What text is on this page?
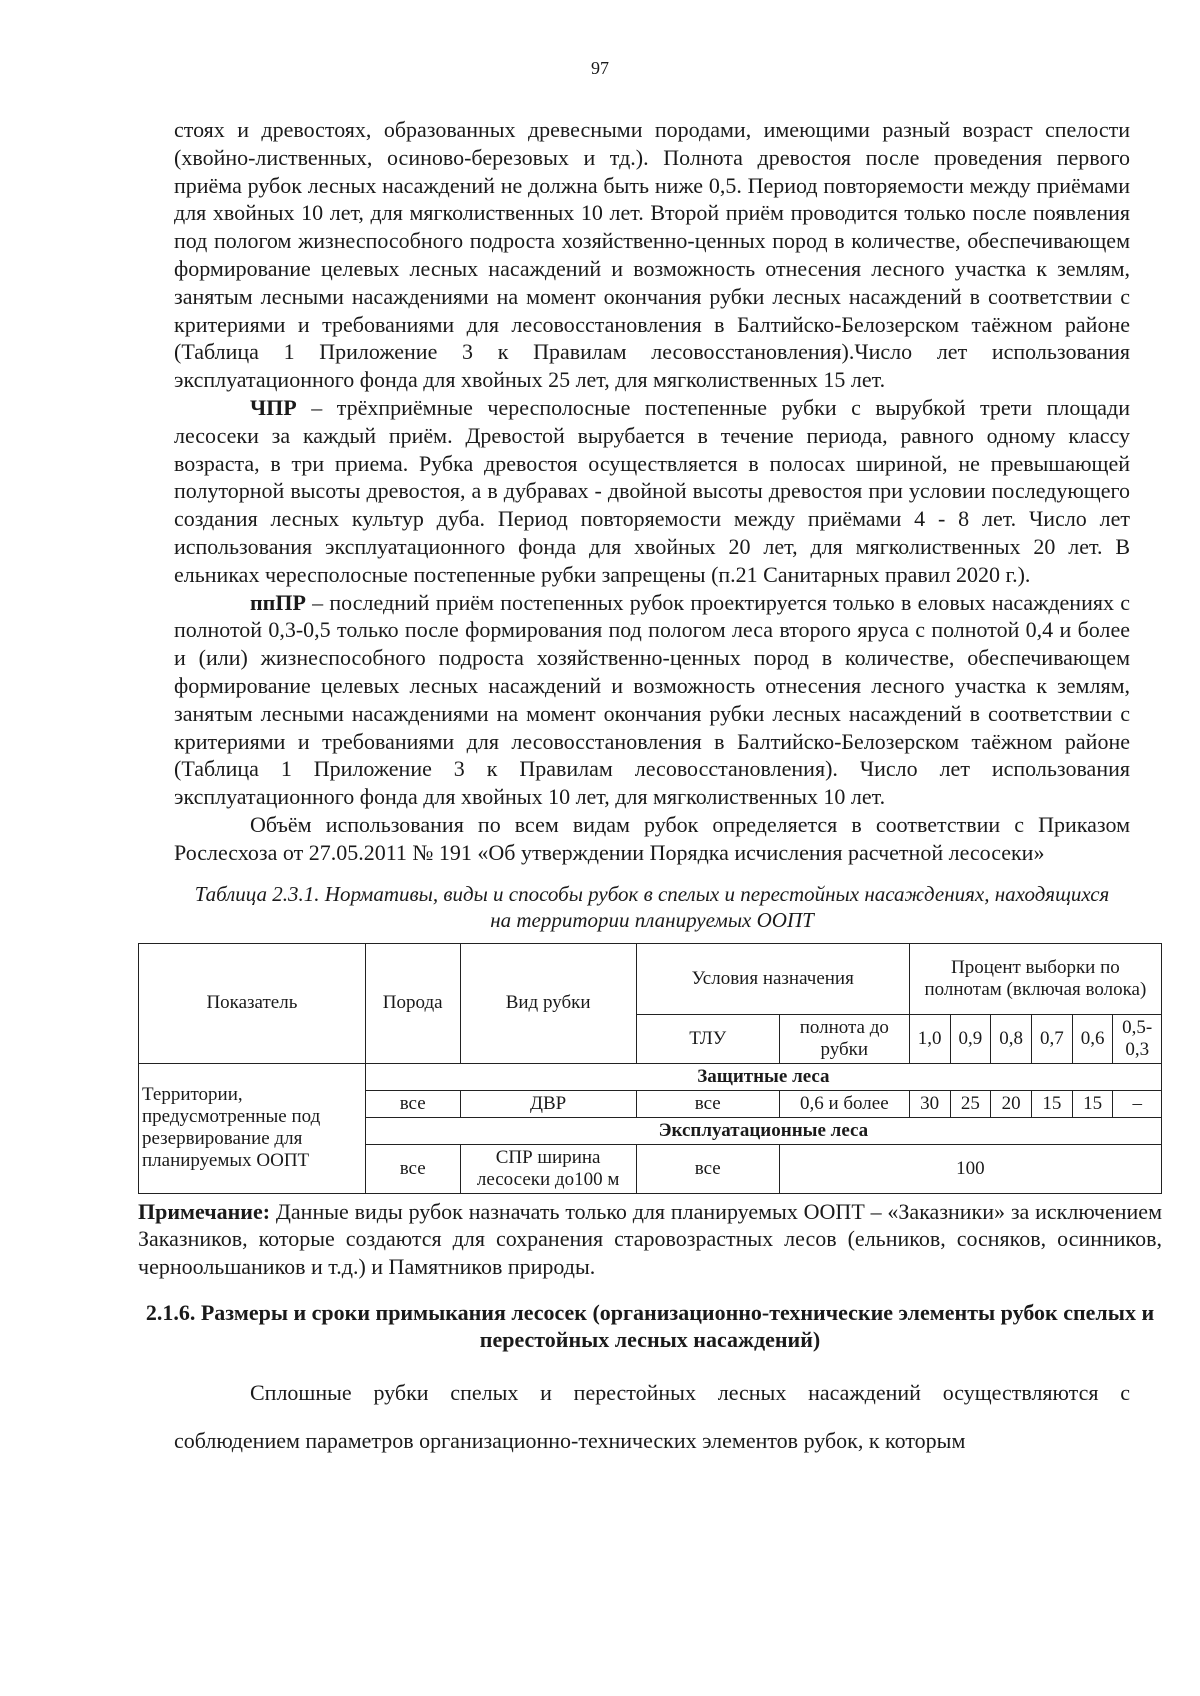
97

стоях и древостоях, образованных древесными породами, имеющими разный возраст спелости (хвойно-лиственных, осиново-березовых и тд.). Полнота древостоя после проведения первого приёма рубок лесных насаждений не должна быть ниже 0,5. Период повторяемости между приёмами для хвойных 10 лет, для мягколиственных 10 лет. Второй приём проводится только после появления под пологом жизнеспособного подроста хозяйственно-ценных пород в количестве, обеспечивающем формирование целевых лесных насаждений и возможность отнесения лесного участка к землям, занятым лесными насаждениями на момент окончания рубки лесных насаждений в соответствии с критериями и требованиями для лесовосстановления в Балтийско-Белозерском таёжном районе (Таблица 1 Приложение 3 к Правилам лесовосстановления).Число лет использования эксплуатационного фонда для хвойных 25 лет, для мягколиственных 15 лет.

ЧПР – трёхприёмные чересполосные постепенные рубки с вырубкой трети площади лесосеки за каждый приём. Древостой вырубается в течение периода, равного одному классу возраста, в три приема. Рубка древостоя осуществляется в полосах шириной, не превышающей полуторной высоты древостоя, а в дубравах - двойной высоты древостоя при условии последующего создания лесных культур дуба. Период повторяемости между приёмами 4 - 8 лет. Число лет использования эксплуатационного фонда для хвойных 20 лет, для мягколиственных 20 лет. В ельниках чересполосные постепенные рубки запрещены (п.21 Санитарных правил 2020 г.).

ппПР – последний приём постепенных рубок проектируется только в еловых насаждениях с полнотой 0,3-0,5 только после формирования под пологом леса второго яруса с полнотой 0,4 и более и (или) жизнеспособного подроста хозяйственно-ценных пород в количестве, обеспечивающем формирование целевых лесных насаждений и возможность отнесения лесного участка к землям, занятым лесными насаждениями на момент окончания рубки лесных насаждений в соответствии с критериями и требованиями для лесовосстановления в Балтийско-Белозерском таёжном районе (Таблица 1 Приложение 3 к Правилам лесовосстановления). Число лет использования эксплуатационного фонда для хвойных 10 лет, для мягколиственных 10 лет.

Объём использования по всем видам рубок определяется в соответствии с Приказом Рослесхоза от 27.05.2011 № 191 «Об утверждении Порядка исчисления расчетной лесосеки»

Таблица 2.3.1. Нормативы, виды и способы рубок в спелых и перестойных насаждениях, находящихся на территории планируемых ООПТ
Показатель	Порода	Вид рубки	Условия назначения		Процент выборки по полнотам (включая волока)					
			ТЛУ	полнота до рубки	1,0	0,9	0,8	0,7	0,6	0,5-0,3
Территории, предусмотренные под резервирование для планируемых ООПТ	Защитные леса									
	все	ДВР	все	0,6 и более	30	25	20	15	15	–
	Эксплуатационные леса									
	все	СПР ширина лесосеки до100 м	все	100						

Примечание: Данные виды рубок назначать только для планируемых ООПТ – «Заказники» за исключением Заказников, которые создаются для сохранения старовозрастных лесов (ельников, сосняков, осинников, черноольшаников и т.д.) и Памятников природы.

2.1.6. Размеры и сроки примыкания лесосек (организационно-технические элементы рубок спелых и перестойных лесных насаждений)

Сплошные рубки спелых и перестойных лесных насаждений осуществляются с соблюдением параметров организационно-технических элементов рубок, к которым
